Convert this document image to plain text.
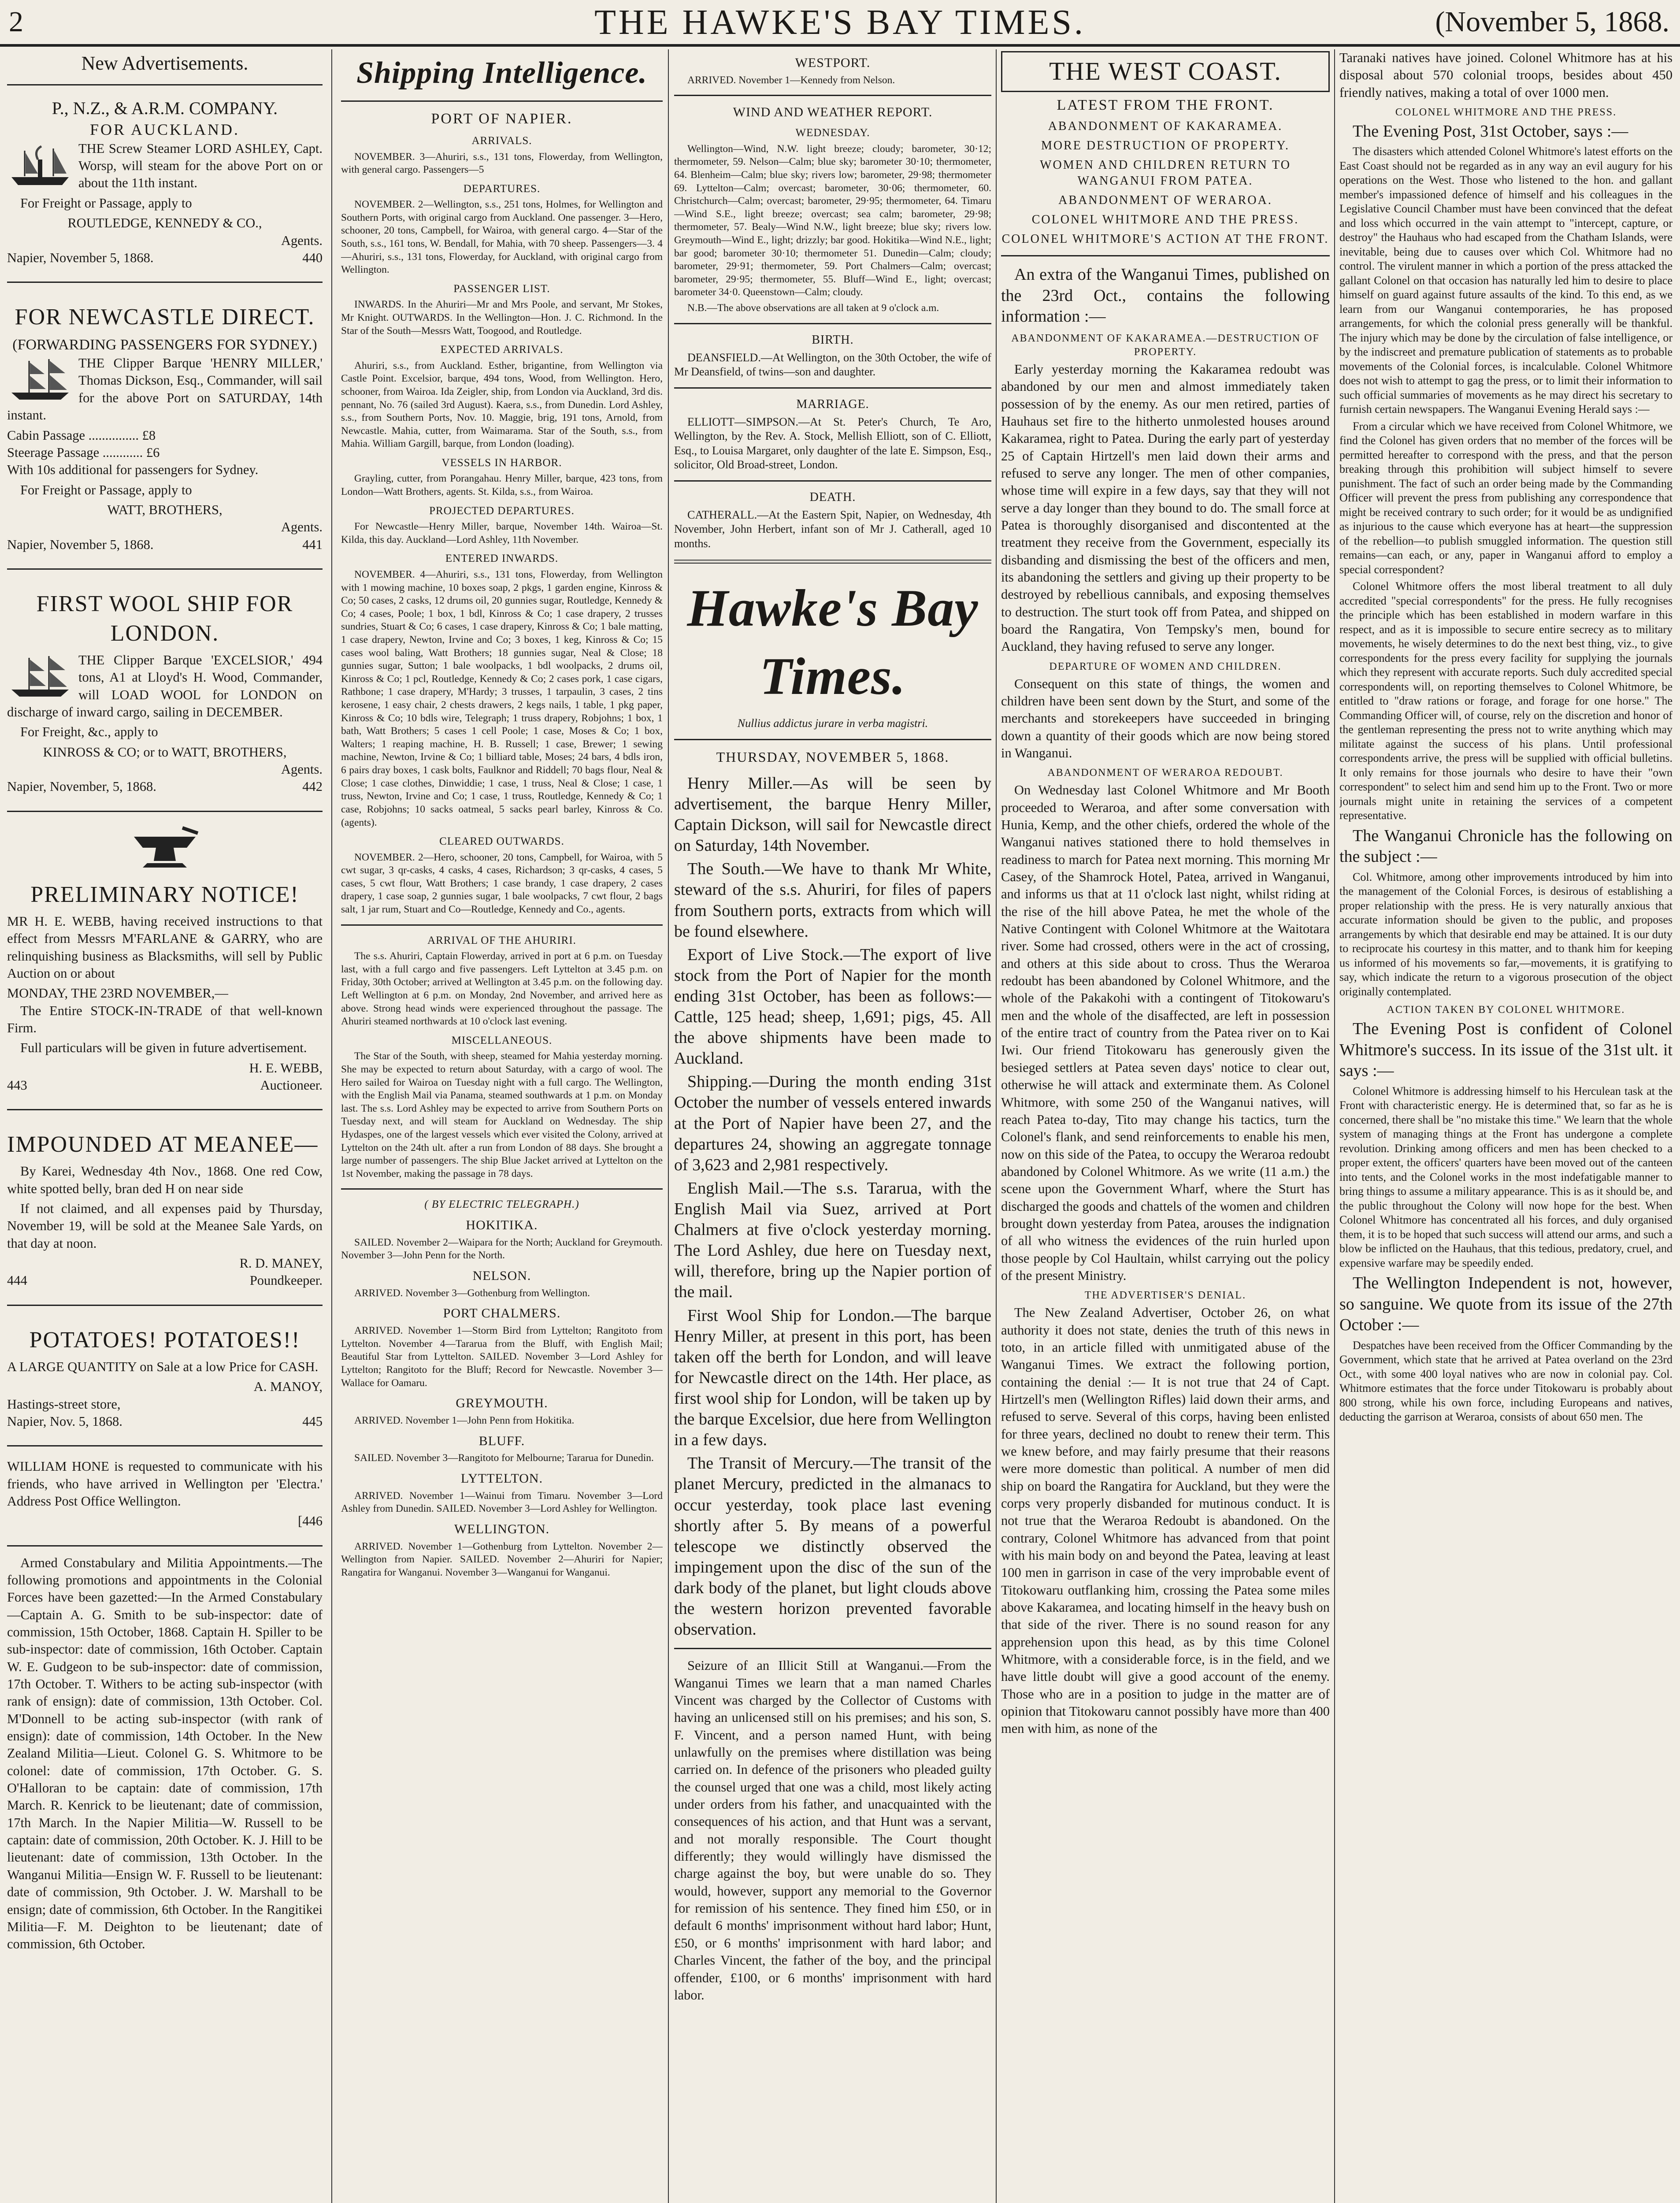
2	THE HAWKE'S BAY TIMES.	(November 5, 1868.
New Advertisements.
P., N.Z., & A.R.M. COMPANY.
FOR AUCKLAND.

THE Screw Steamer LORD ASHLEY, Capt. Worsp, will steam for the above Port on or about the 11th instant.

For Freight or Passage, apply to

ROUTLEDGE, KENNEDY & CO.,
Agents.
Napier, November 5, 1868.	440
FOR NEWCASTLE DIRECT.
(FORWARDING PASSENGERS FOR SYDNEY.)

THE Clipper Barque 'HENRY MILLER,' Thomas Dickson, Esq., Commander, will sail for the above Port on SATURDAY, 14th instant.

Cabin Passage ............... £8
Steerage Passage ............ £6

With 10s additional for passengers for Sydney.

For Freight or Passage, apply to

WATT, BROTHERS,
Agents.
Napier, November 5, 1868.	441
FIRST WOOL SHIP FOR LONDON.

THE Clipper Barque 'EXCELSIOR,' 494 tons, A1 at Lloyd's H. Wood, Commander, will LOAD WOOL for LONDON on discharge of inward cargo, sailing in DECEMBER.

For Freight, &c., apply to

KINROSS & CO; or to WATT, BROTHERS,
Agents.
Napier, November, 5, 1868.	442
PRELIMINARY NOTICE!

MR H. E. WEBB, having received instructions to that effect from Messrs M'FARLANE & GARRY, who are relinquishing business as Blacksmiths, will sell by Public Auction on or about

MONDAY, THE 23RD NOVEMBER,—

The Entire STOCK-IN-TRADE of that well-known Firm.

Full particulars will be given in future advertisement.

H. E. WEBB,
443	Auctioneer.
IMPOUNDED AT MEANEE—

By Karei, Wednesday 4th Nov., 1868. One red Cow, white spotted belly, bran ded H on near side

If not claimed, and all expenses paid by Thursday, November 19, will be sold at the Meanee Sale Yards, on that day at noon.

R. D. MANEY,
444	Poundkeeper.
POTATOES! POTATOES!!

A LARGE QUANTITY on Sale at a low Price for CASH.

A. MANOY,
Hastings-street store,
Napier, Nov. 5, 1868.	445

WILLIAM HONE is requested to communicate with his friends, who have arrived in Wellington per 'Electra.' Address Post Office Wellington.

[446

Armed Constabulary and Militia Appointments.—The following promotions and appointments in the Colonial Forces have been gazetted:—In the Armed Constabulary—Captain A. G. Smith to be sub-inspector: date of commission, 15th October, 1868. Captain H. Spiller to be sub-inspector: date of commission, 16th October. Captain W. E. Gudgeon to be sub-inspector: date of commission, 17th October. T. Withers to be acting sub-inspector (with rank of ensign): date of commission, 13th October. Col. M'Donnell to be acting sub-inspector (with rank of ensign): date of commission, 14th October. In the New Zealand Militia—Lieut. Colonel G. S. Whitmore to be colonel: date of commission, 17th October. G. S. O'Halloran to be captain: date of commission, 17th March. R. Kenrick to be lieutenant; date of commission, 17th March. In the Napier Militia—W. Russell to be captain: date of commission, 20th October. K. J. Hill to be lieutenant: date of commission, 13th October. In the Wanganui Militia—Ensign W. F. Russell to be lieutenant: date of commission, 9th October. J. W. Marshall to be ensign; date of commission, 6th October. In the Rangitikei Militia—F. M. Deighton to be lieutenant; date of commission, 6th October.

Shipping Intelligence.
PORT OF NAPIER.
ARRIVALS.

NOVEMBER. 3—Ahuriri, s.s., 131 tons, Flowerday, from Wellington, with general cargo. Passengers—5

DEPARTURES.

NOVEMBER. 2—Wellington, s.s., 251 tons, Holmes, for Wellington and Southern Ports, with original cargo from Auckland. One passenger. 3—Hero, schooner, 20 tons, Campbell, for Wairoa, with general cargo. 4—Star of the South, s.s., 161 tons, W. Bendall, for Mahia, with 70 sheep. Passengers—3. 4—Ahuriri, s.s., 131 tons, Flowerday, for Auckland, with original cargo from Wellington.

PASSENGER LIST.

INWARDS. In the Ahuriri—Mr and Mrs Poole, and servant, Mr Stokes, Mr Knight. OUTWARDS. In the Wellington—Hon. J. C. Richmond. In the Star of the South—Messrs Watt, Toogood, and Routledge.

EXPECTED ARRIVALS.

Ahuriri, s.s., from Auckland. Esther, brigantine, from Wellington via Castle Point. Excelsior, barque, 494 tons, Wood, from Wellington. Hero, schooner, from Wairoa. Ida Zeigler, ship, from London via Auckland, 3rd dis. pennant, No. 76 (sailed 3rd August). Kaera, s.s., from Dunedin. Lord Ashley, s.s., from Southern Ports, Nov. 10. Maggie, brig, 191 tons, Arnold, from Newcastle. Mahia, cutter, from Waimarama. Star of the South, s.s., from Mahia. William Gargill, barque, from London (loading).

VESSELS IN HARBOR.

Grayling, cutter, from Porangahau. Henry Miller, barque, 423 tons, from London—Watt Brothers, agents. St. Kilda, s.s., from Wairoa.

PROJECTED DEPARTURES.

For Newcastle—Henry Miller, barque, November 14th. Wairoa—St. Kilda, this day. Auckland—Lord Ashley, 11th November.

ENTERED INWARDS.

NOVEMBER. 4—Ahuriri, s.s., 131 tons, Flowerday, from Wellington with 1 mowing machine, 10 boxes soap, 2 pkgs, 1 garden engine, Kinross & Co; 50 cases, 2 casks, 12 drums oil, 20 gunnies sugar, Routledge, Kennedy & Co; 4 cases, Poole; 1 box, 1 bdl, Kinross & Co; 1 case drapery, 2 trusses sundries, Stuart & Co; 6 cases, 1 case drapery, Kinross & Co; 1 bale matting, 1 case drapery, Newton, Irvine and Co; 3 boxes, 1 keg, Kinross & Co; 15 cases wool baling, Watt Brothers; 18 gunnies sugar, Neal & Close; 18 gunnies sugar, Sutton; 1 bale woolpacks, 1 bdl woolpacks, 2 drums oil, Kinross & Co; 1 pcl, Routledge, Kennedy & Co; 2 cases pork, 1 case cigars, Rathbone; 1 case drapery, M'Hardy; 3 trusses, 1 tarpaulin, 3 cases, 2 tins kerosene, 1 easy chair, 2 chests drawers, 2 kegs nails, 1 table, 1 pkg paper, Kinross & Co; 10 bdls wire, Telegraph; 1 truss drapery, Robjohns; 1 box, 1 bath, Watt Brothers; 5 cases 1 cell Poole; 1 case, Moses & Co; 1 box, Walters; 1 reaping machine, H. B. Russell; 1 case, Brewer; 1 sewing machine, Newton, Irvine & Co; 1 billiard table, Moses; 24 bars, 4 bdls iron, 6 pairs dray boxes, 1 cask bolts, Faulknor and Riddell; 70 bags flour, Neal & Close; 1 case clothes, Dinwiddie; 1 case, 1 truss, Neal & Close; 1 case, 1 truss, Newton, Irvine and Co; 1 case, 1 truss, Routledge, Kennedy & Co; 1 case, Robjohns; 10 sacks oatmeal, 5 sacks pearl barley, Kinross & Co. (agents).

CLEARED OUTWARDS.

NOVEMBER. 2—Hero, schooner, 20 tons, Campbell, for Wairoa, with 5 cwt sugar, 3 qr-casks, 4 casks, 4 cases, Richardson; 3 qr-casks, 4 cases, 5 cases, 5 cwt flour, Watt Brothers; 1 case brandy, 1 case drapery, 2 cases drapery, 1 case soap, 2 gunnies sugar, 1 bale woolpacks, 7 cwt flour, 2 bags salt, 1 jar rum, Stuart and Co—Routledge, Kennedy and Co., agents.

ARRIVAL OF THE AHURIRI.

The s.s. Ahuriri, Captain Flowerday, arrived in port at 6 p.m. on Tuesday last, with a full cargo and five passengers. Left Lyttelton at 3.45 p.m. on Friday, 30th October; arrived at Wellington at 3.45 p.m. on the following day. Left Wellington at 6 p.m. on Monday, 2nd November, and arrived here as above. Strong head winds were experienced throughout the passage. The Ahuriri steamed northwards at 10 o'clock last evening.

MISCELLANEOUS.

The Star of the South, with sheep, steamed for Mahia yesterday morning. She may be expected to return about Saturday, with a cargo of wool. The Hero sailed for Wairoa on Tuesday night with a full cargo. The Wellington, with the English Mail via Panama, steamed southwards at 1 p.m. on Monday last. The s.s. Lord Ashley may be expected to arrive from Southern Ports on Tuesday next, and will steam for Auckland on Wednesday. The ship Hydaspes, one of the largest vessels which ever visited the Colony, arrived at Lyttelton on the 24th ult. after a run from London of 88 days. She brought a large number of passengers. The ship Blue Jacket arrived at Lyttelton on the 1st November, making the passage in 78 days.

( BY ELECTRIC TELEGRAPH.)
HOKITIKA.

SAILED. November 2—Waipara for the North; Auckland for Greymouth. November 3—John Penn for the North.

NELSON.

ARRIVED. November 3—Gothenburg from Wellington.

PORT CHALMERS.

ARRIVED. November 1—Storm Bird from Lyttelton; Rangitoto from Lyttelton. November 4—Tararua from the Bluff, with English Mail; Beautiful Star from Lyttelton. SAILED. November 3—Lord Ashley for Lyttelton; Rangitoto for the Bluff; Record for Newcastle. November 3—Wallace for Oamaru.

GREYMOUTH.

ARRIVED. November 1—John Penn from Hokitika.

BLUFF.

SAILED. November 3—Rangitoto for Melbourne; Tararua for Dunedin.

LYTTELTON.

ARRIVED. November 1—Wainui from Timaru. November 3—Lord Ashley from Dunedin. SAILED. November 3—Lord Ashley for Wellington.

WELLINGTON.

ARRIVED. November 1—Gothenburg from Lyttelton. November 2—Wellington from Napier. SAILED. November 2—Ahuriri for Napier; Rangatira for Wanganui. November 3—Wanganui for Wanganui.

WESTPORT.

ARRIVED. November 1—Kennedy from Nelson.

WIND AND WEATHER REPORT.
WEDNESDAY.

Wellington—Wind, N.W. light breeze; cloudy; barometer, 30·12; thermometer, 59. Nelson—Calm; blue sky; barometer 30·10; thermometer, 64. Blenheim—Calm; blue sky; rivers low; barometer, 29·98; thermometer 69. Lyttelton—Calm; overcast; barometer, 30·06; thermometer, 60. Christchurch—Calm; overcast; barometer, 29·95; thermometer, 64. Timaru—Wind S.E., light breeze; overcast; sea calm; barometer, 29·98; thermometer, 57. Bealy—Wind N.W., light breeze; blue sky; rivers low. Greymouth—Wind E., light; drizzly; bar good. Hokitika—Wind N.E., light; bar good; barometer 30·10; thermometer 51. Dunedin—Calm; cloudy; barometer, 29·91; thermometer, 59. Port Chalmers—Calm; overcast; barometer, 29·95; thermometer, 55. Bluff—Wind E., light; overcast; barometer 34·0. Queenstown—Calm; cloudy.

N.B.—The above observations are all taken at 9 o'clock a.m.

BIRTH.

DEANSFIELD.—At Wellington, on the 30th October, the wife of Mr Deansfield, of twins—son and daughter.

MARRIAGE.

ELLIOTT—SIMPSON.—At St. Peter's Church, Te Aro, Wellington, by the Rev. A. Stock, Mellish Elliott, son of C. Elliott, Esq., to Louisa Margaret, only daughter of the late E. Simpson, Esq., solicitor, Old Broad-street, London.

DEATH.

CATHERALL.—At the Eastern Spit, Napier, on Wednesday, 4th November, John Herbert, infant son of Mr J. Catherall, aged 10 months.

Hawke's Bay Times.
Nullius addictus jurare in verba magistri.
THURSDAY, NOVEMBER 5, 1868.

Henry Miller.—As will be seen by advertisement, the barque Henry Miller, Captain Dickson, will sail for Newcastle direct on Saturday, 14th November.

The South.—We have to thank Mr White, steward of the s.s. Ahuriri, for files of papers from Southern ports, extracts from which will be found elsewhere.

Export of Live Stock.—The export of live stock from the Port of Napier for the month ending 31st October, has been as follows:—Cattle, 125 head; sheep, 1,691; pigs, 45. All the above shipments have been made to Auckland.

Shipping.—During the month ending 31st October the number of vessels entered inwards at the Port of Napier have been 27, and the departures 24, showing an aggregate tonnage of 3,623 and 2,981 respectively.

English Mail.—The s.s. Tararua, with the English Mail via Suez, arrived at Port Chalmers at five o'clock yesterday morning. The Lord Ashley, due here on Tuesday next, will, therefore, bring up the Napier portion of the mail.

First Wool Ship for London.—The barque Henry Miller, at present in this port, has been taken off the berth for London, and will leave for Newcastle direct on the 14th. Her place, as first wool ship for London, will be taken up by the barque Excelsior, due here from Wellington in a few days.

The Transit of Mercury.—The transit of the planet Mercury, predicted in the almanacs to occur yesterday, took place last evening shortly after 5. By means of a powerful telescope we distinctly observed the impingement upon the disc of the sun of the dark body of the planet, but light clouds above the western horizon prevented favorable observation.

Seizure of an Illicit Still at Wanganui.—From the Wanganui Times we learn that a man named Charles Vincent was charged by the Collector of Customs with having an unlicensed still on his premises; and his son, S. F. Vincent, and a person named Hunt, with being unlawfully on the premises where distillation was being carried on. In defence of the prisoners who pleaded guilty the counsel urged that one was a child, most likely acting under orders from his father, and unacquainted with the consequences of his action, and that Hunt was a servant, and not morally responsible. The Court thought differently; they would willingly have dismissed the charge against the boy, but were unable do so. They would, however, support any memorial to the Governor for remission of his sentence. They fined him £50, or in default 6 months' imprisonment without hard labor; Hunt, £50, or 6 months' imprisonment with hard labor; and Charles Vincent, the father of the boy, and the principal offender, £100, or 6 months' imprisonment with hard labor.

THE WEST COAST.
LATEST FROM THE FRONT.
ABANDONMENT OF KAKARAMEA.
MORE DESTRUCTION OF PROPERTY.
WOMEN AND CHILDREN RETURN TO WANGANUI FROM PATEA.
ABANDONMENT OF WERAROA.
COLONEL WHITMORE AND THE PRESS.
COLONEL WHITMORE'S ACTION AT THE FRONT.

An extra of the Wanganui Times, published on the 23rd Oct., contains the following information :—

ABANDONMENT OF KAKARAMEA.—DESTRUCTION OF PROPERTY.

Early yesterday morning the Kakaramea redoubt was abandoned by our men and almost immediately taken possession of by the enemy. As our men retired, parties of Hauhaus set fire to the hitherto unmolested houses around Kakaramea, right to Patea. During the early part of yesterday 25 of Captain Hirtzell's men laid down their arms and refused to serve any longer. The men of other companies, whose time will expire in a few days, say that they will not serve a day longer than they bound to do. The small force at Patea is thoroughly disorganised and discontented at the treatment they receive from the Government, especially its disbanding and dismissing the best of the officers and men, its abandoning the settlers and giving up their property to be destroyed by rebellious cannibals, and exposing themselves to destruction. The sturt took off from Patea, and shipped on board the Rangatira, Von Tempsky's men, bound for Auckland, they having refused to serve any longer.

DEPARTURE OF WOMEN AND CHILDREN.

Consequent on this state of things, the women and children have been sent down by the Sturt, and some of the merchants and storekeepers have succeeded in bringing down a quantity of their goods which are now being stored in Wanganui.

ABANDONMENT OF WERAROA REDOUBT.

On Wednesday last Colonel Whitmore and Mr Booth proceeded to Weraroa, and after some conversation with Hunia, Kemp, and the other chiefs, ordered the whole of the Wanganui natives stationed there to hold themselves in readiness to march for Patea next morning. This morning Mr Casey, of the Shamrock Hotel, Patea, arrived in Wanganui, and informs us that at 11 o'clock last night, whilst riding at the rise of the hill above Patea, he met the whole of the Native Contingent with Colonel Whitmore at the Waitotara river. Some had crossed, others were in the act of crossing, and others at this side about to cross. Thus the Weraroa redoubt has been abandoned by Colonel Whitmore, and the whole of the Pakakohi with a contingent of Titokowaru's men and the whole of the disaffected, are left in possession of the entire tract of country from the Patea river on to Kai Iwi. Our friend Titokowaru has generously given the besieged settlers at Patea seven days' notice to clear out, otherwise he will attack and exterminate them. As Colonel Whitmore, with some 250 of the Wanganui natives, will reach Patea to-day, Tito may change his tactics, turn the Colonel's flank, and send reinforcements to enable his men, now on this side of the Patea, to occupy the Weraroa redoubt abandoned by Colonel Whitmore. As we write (11 a.m.) the scene upon the Government Wharf, where the Sturt has discharged the goods and chattels of the women and children brought down yesterday from Patea, arouses the indignation of all who witness the evidences of the ruin hurled upon those people by Col Haultain, whilst carrying out the policy of the present Ministry.

THE ADVERTISER'S DENIAL.

The New Zealand Advertiser, October 26, on what authority it does not state, denies the truth of this news in toto, in an article filled with unmitigated abuse of the Wanganui Times. We extract the following portion, containing the denial :— It is not true that 24 of Capt. Hirtzell's men (Wellington Rifles) laid down their arms, and refused to serve. Several of this corps, having been enlisted for three years, declined no doubt to renew their term. This we knew before, and may fairly presume that their reasons were more domestic than political. A number of men did ship on board the Rangatira for Auckland, but they were the corps very properly disbanded for mutinous conduct. It is not true that the Weraroa Redoubt is abandoned. On the contrary, Colonel Whitmore has advanced from that point with his main body on and beyond the Patea, leaving at least 100 men in garrison in case of the very improbable event of Titokowaru outflanking him, crossing the Patea some miles above Kakaramea, and locating himself in the heavy bush on that side of the river. There is no sound reason for any apprehension upon this head, as by this time Colonel Whitmore, with a considerable force, is in the field, and we have little doubt will give a good account of the enemy. Those who are in a position to judge in the matter are of opinion that Titokowaru cannot possibly have more than 400 men with him, as none of the

Taranaki natives have joined. Colonel Whitmore has at his disposal about 570 colonial troops, besides about 450 friendly natives, making a total of over 1000 men.

COLONEL WHITMORE AND THE PRESS.

The Evening Post, 31st October, says :—

The disasters which attended Colonel Whitmore's latest efforts on the East Coast should not be regarded as in any way an evil augury for his operations on the West. Those who listened to the hon. and gallant member's impassioned defence of himself and his colleagues in the Legislative Council Chamber must have been convinced that the defeat and loss which occurred in the vain attempt to "intercept, capture, or destroy" the Hauhaus who had escaped from the Chatham Islands, were inevitable, being due to causes over which Col. Whitmore had no control. The virulent manner in which a portion of the press attacked the gallant Colonel on that occasion has naturally led him to desire to place himself on guard against future assaults of the kind. To this end, as we learn from our Wanganui contemporaries, he has proposed arrangements, for which the colonial press generally will be thankful. The injury which may be done by the circulation of false intelligence, or by the indiscreet and premature publication of statements as to probable movements of the Colonial forces, is incalculable. Colonel Whitmore does not wish to attempt to gag the press, or to limit their information to such official summaries of movements as he may direct his secretary to furnish certain newspapers. The Wanganui Evening Herald says :—

From a circular which we have received from Colonel Whitmore, we find the Colonel has given orders that no member of the forces will be permitted hereafter to correspond with the press, and that the person breaking through this prohibition will subject himself to severe punishment. The fact of such an order being made by the Commanding Officer will prevent the press from publishing any correspondence that might be received contrary to such order; for it would be as undignified as injurious to the cause which everyone has at heart—the suppression of the rebellion—to publish smuggled information. The question still remains—can each, or any, paper in Wanganui afford to employ a special correspondent?

Colonel Whitmore offers the most liberal treatment to all duly accredited "special correspondents" for the press. He fully recognises the principle which has been established in modern warfare in this respect, and as it is impossible to secure entire secrecy as to military movements, he wisely determines to do the next best thing, viz., to give correspondents for the press every facility for supplying the journals which they represent with accurate reports. Such duly accredited special correspondents will, on reporting themselves to Colonel Whitmore, be entitled to "draw rations or forage, and forage for one horse." The Commanding Officer will, of course, rely on the discretion and honor of the gentleman representing the press not to write anything which may militate against the success of his plans. Until professional correspondents arrive, the press will be supplied with official bulletins. It only remains for those journals who desire to have their "own correspondent" to select him and send him up to the Front. Two or more journals might unite in retaining the services of a competent representative.

The Wanganui Chronicle has the following on the subject :—

Col. Whitmore, among other improvements introduced by him into the management of the Colonial Forces, is desirous of establishing a proper relationship with the press. He is very naturally anxious that accurate information should be given to the public, and proposes arrangements by which that desirable end may be attained. It is our duty to reciprocate his courtesy in this matter, and to thank him for keeping us informed of his movements so far,—movements, it is gratifying to say, which indicate the return to a vigorous prosecution of the object originally contemplated.

ACTION TAKEN BY COLONEL WHITMORE.

The Evening Post is confident of Colonel Whitmore's success. In its issue of the 31st ult. it says :—

Colonel Whitmore is addressing himself to his Herculean task at the Front with characteristic energy. He is determined that, so far as he is concerned, there shall be "no mistake this time." We learn that the whole system of managing things at the Front has undergone a complete revolution. Drinking among officers and men has been checked to a proper extent, the officers' quarters have been moved out of the canteen into tents, and the Colonel works in the most indefatigable manner to bring things to assume a military appearance. This is as it should be, and the public throughout the Colony will now hope for the best. When Colonel Whitmore has concentrated all his forces, and duly organised them, it is to be hoped that such success will attend our arms, and such a blow be inflicted on the Hauhaus, that this tedious, predatory, cruel, and expensive warfare may be speedily ended.

The Wellington Independent is not, however, so sanguine. We quote from its issue of the 27th October :—

Despatches have been received from the Officer Commanding by the Government, which state that he arrived at Patea overland on the 23rd Oct., with some 400 loyal natives who are now in colonial pay. Col. Whitmore estimates that the force under Titokowaru is probably about 800 strong, while his own force, including Europeans and natives, deducting the garrison at Weraroa, consists of about 650 men. The
